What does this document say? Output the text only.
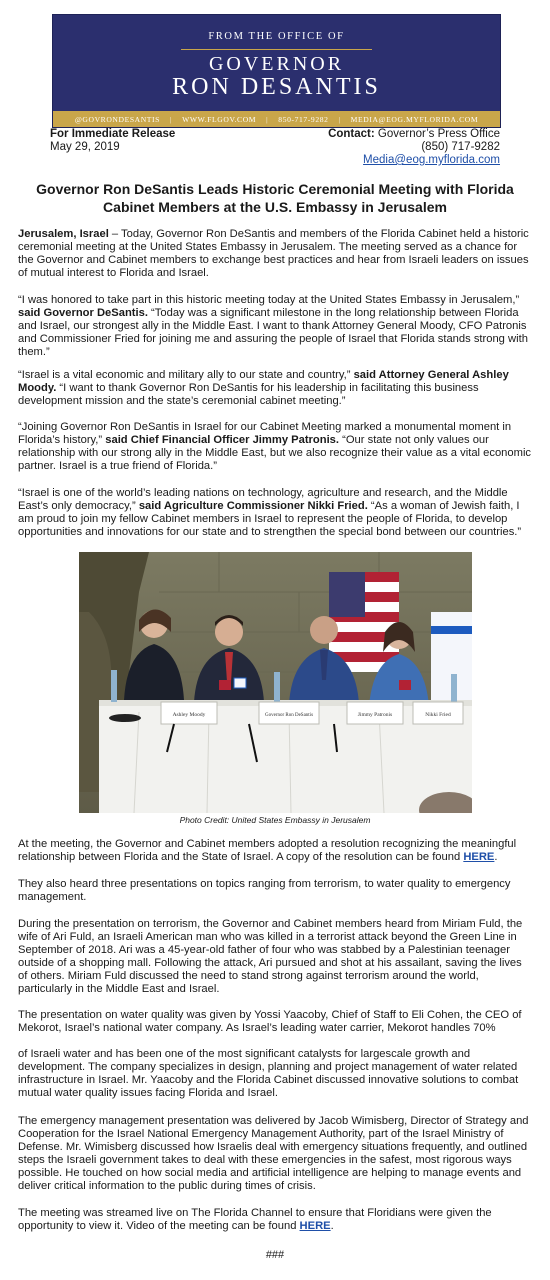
FROM THE OFFICE OF
GOVERNOR
RON DESANTIS
@GOVRONDESANTIS | WWW.FLGOV.COM | 850-717-9282 | MEDIA@EOG.MYFLORIDA.COM
For Immediate Release
May 29, 2019
Contact: Governor’s Press Office
(850) 717-9282
Media@eog.myflorida.com
Governor Ron DeSantis Leads Historic Ceremonial Meeting with Florida Cabinet Members at the U.S. Embassy in Jerusalem

Jerusalem, Israel – Today, Governor Ron DeSantis and members of the Florida Cabinet held a historic ceremonial meeting at the United States Embassy in Jerusalem. The meeting served as a chance for the Governor and Cabinet members to exchange best practices and hear from Israeli leaders on issues of mutual interest to Florida and Israel.

“I was honored to take part in this historic meeting today at the United States Embassy in Jerusalem,” said Governor DeSantis. “Today was a significant milestone in the long relationship between Florida and Israel, our strongest ally in the Middle East. I want to thank Attorney General Moody, CFO Patronis and Commissioner Fried for joining me and assuring the people of Israel that Florida stands strong with them.”

“Israel is a vital economic and military ally to our state and country,” said Attorney General Ashley Moody. “I want to thank Governor Ron DeSantis for his leadership in facilitating this business development mission and the state’s ceremonial cabinet meeting.”

“Joining Governor Ron DeSantis in Israel for our Cabinet Meeting marked a monumental moment in Florida’s history,” said Chief Financial Officer Jimmy Patronis. “Our state not only values our relationship with our strong ally in the Middle East, but we also recognize their value as a vital economic partner. Israel is a true friend of Florida.”

“Israel is one of the world’s leading nations on technology, agriculture and research, and the Middle East’s only democracy,” said Agriculture Commissioner Nikki Fried. “As a woman of Jewish faith, I am proud to join my fellow Cabinet members in Israel to represent the people of Florida, to develop opportunities and innovations for our state and to strengthen the special bond between our countries.”

Ashley Moody	Governor Ron DeSantis	Jimmy Patronis	Nikki Fried
Photo Credit: United States Embassy in Jerusalem

At the meeting, the Governor and Cabinet members adopted a resolution recognizing the meaningful relationship between Florida and the State of Israel. A copy of the resolution can be found HERE.

They also heard three presentations on topics ranging from terrorism, to water quality to emergency management.

During the presentation on terrorism, the Governor and Cabinet members heard from Miriam Fuld, the wife of Ari Fuld, an Israeli American man who was killed in a terrorist attack beyond the Green Line in September of 2018. Ari was a 45-year-old father of four who was stabbed by a Palestinian teenager outside of a shopping mall. Following the attack, Ari pursued and shot at his assailant, saving the lives of others. Miriam Fuld discussed the need to stand strong against terrorism around the world, particularly in the Middle East and Israel.

The presentation on water quality was given by Yossi Yaacoby, Chief of Staff to Eli Cohen, the CEO of Mekorot, Israel’s national water company. As Israel’s leading water carrier, Mekorot handles 70%

of Israeli water and has been one of the most significant catalysts for largescale growth and development. The company specializes in design, planning and project management of water related infrastructure in Israel. Mr. Yaacoby and the Florida Cabinet discussed innovative solutions to combat mutual water quality issues facing Florida and Israel.

The emergency management presentation was delivered by Jacob Wimisberg, Director of Strategy and Cooperation for the Israel National Emergency Management Authority, part of the Israel Ministry of Defense. Mr. Wimisberg discussed how Israelis deal with emergency situations frequently, and outlined steps the Israeli government takes to deal with these emergencies in the safest, most rigorous ways possible. He touched on how social media and artificial intelligence are helping to manage events and deliver critical information to the public during times of crisis.

The meeting was streamed live on The Florida Channel to ensure that Floridians were given the opportunity to view it. Video of the meeting can be found HERE.

###
